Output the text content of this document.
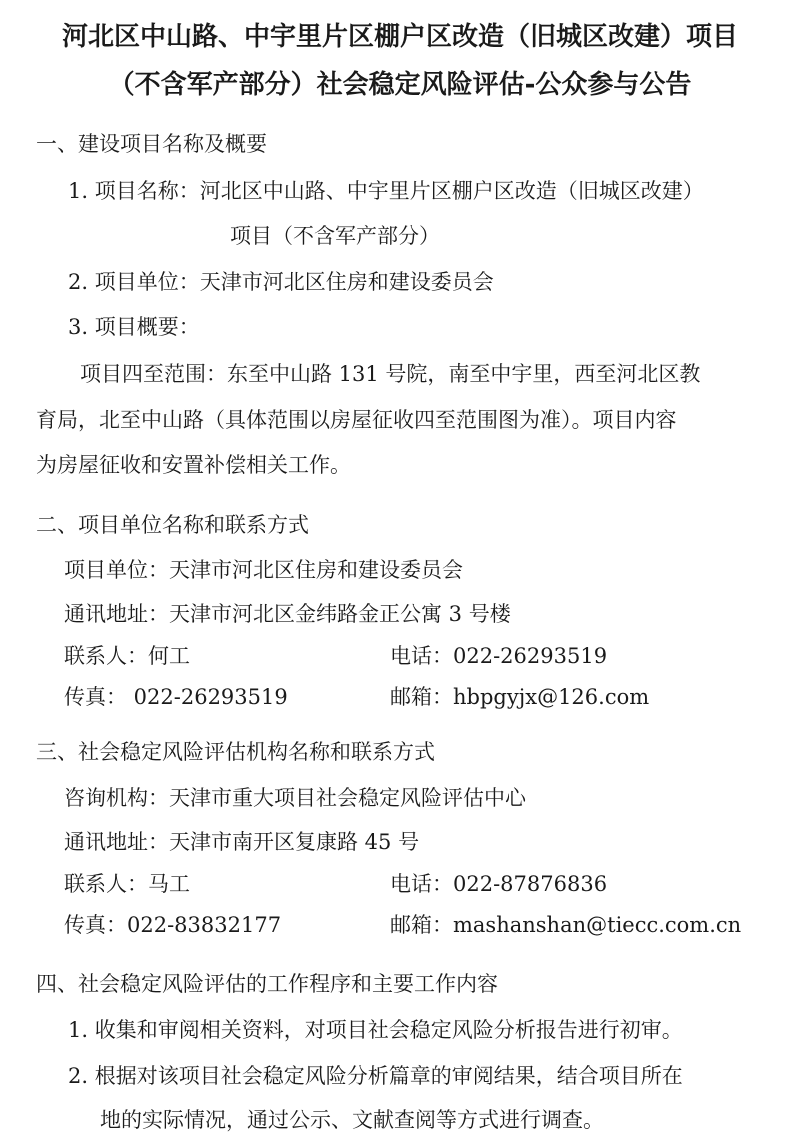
河北区中山路、中宇里片区棚户区改造（旧城区改建）项目
（不含军产部分）社会稳定风险评估-公众参与公告
一、建设项目名称及概要
1. 项目名称：河北区中山路、中宇里片区棚户区改造（旧城区改建）
项目（不含军产部分）
2. 项目单位：天津市河北区住房和建设委员会
3. 项目概要：
项目四至范围：东至中山路 131 号院，南至中宇里，西至河北区教
育局，北至中山路（具体范围以房屋征收四至范围图为准）。项目内容
为房屋征收和安置补偿相关工作。
二、项目单位名称和联系方式
项目单位：天津市河北区住房和建设委员会
通讯地址：天津市河北区金纬路金正公寓 3 号楼
联系人：何工	电话：022-26293519
传真： 022-26293519	邮箱：hbpgyjx@126.com
三、社会稳定风险评估机构名称和联系方式
咨询机构：天津市重大项目社会稳定风险评估中心
通讯地址：天津市南开区复康路 45 号
联系人：马工	电话：022-87876836
传真：022-83832177	邮箱：mashanshan@tiecc.com.cn
四、社会稳定风险评估的工作程序和主要工作内容
1. 收集和审阅相关资料，对项目社会稳定风险分析报告进行初审。
2. 根据对该项目社会稳定风险分析篇章的审阅结果，结合项目所在
地的实际情况，通过公示、文献查阅等方式进行调查。
